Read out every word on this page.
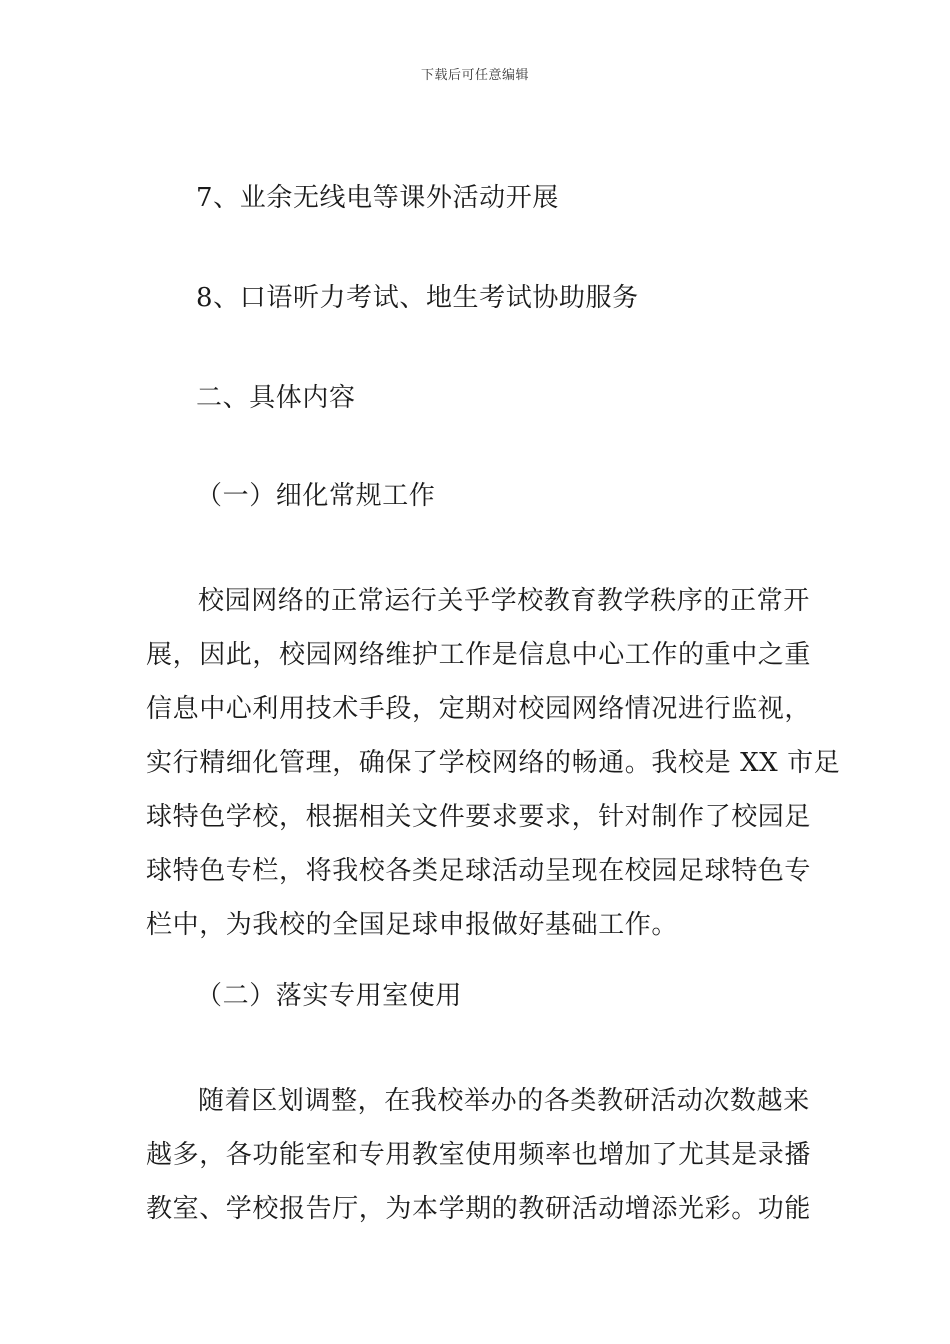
下载后可任意编辑
7、业余无线电等课外活动开展
8、口语听力考试、地生考试协助服务
二、具体内容
（一）细化常规工作

校园网络的正常运行关乎学校教育教学秩序的正常开

展，因此，校园网络维护工作是信息中心工作的重中之重

信息中心利用技术手段，定期对校园网络情况进行监视，

实行精细化管理，确保了学校网络的畅通。我校是 XX 市足

球特色学校，根据相关文件要求要求，针对制作了校园足

球特色专栏，将我校各类足球活动呈现在校园足球特色专

栏中，为我校的全国足球申报做好基础工作。

（二）落实专用室使用

随着区划调整，在我校举办的各类教研活动次数越来

越多，各功能室和专用教室使用频率也增加了尤其是录播

教室、学校报告厅，为本学期的教研活动增添光彩。功能
